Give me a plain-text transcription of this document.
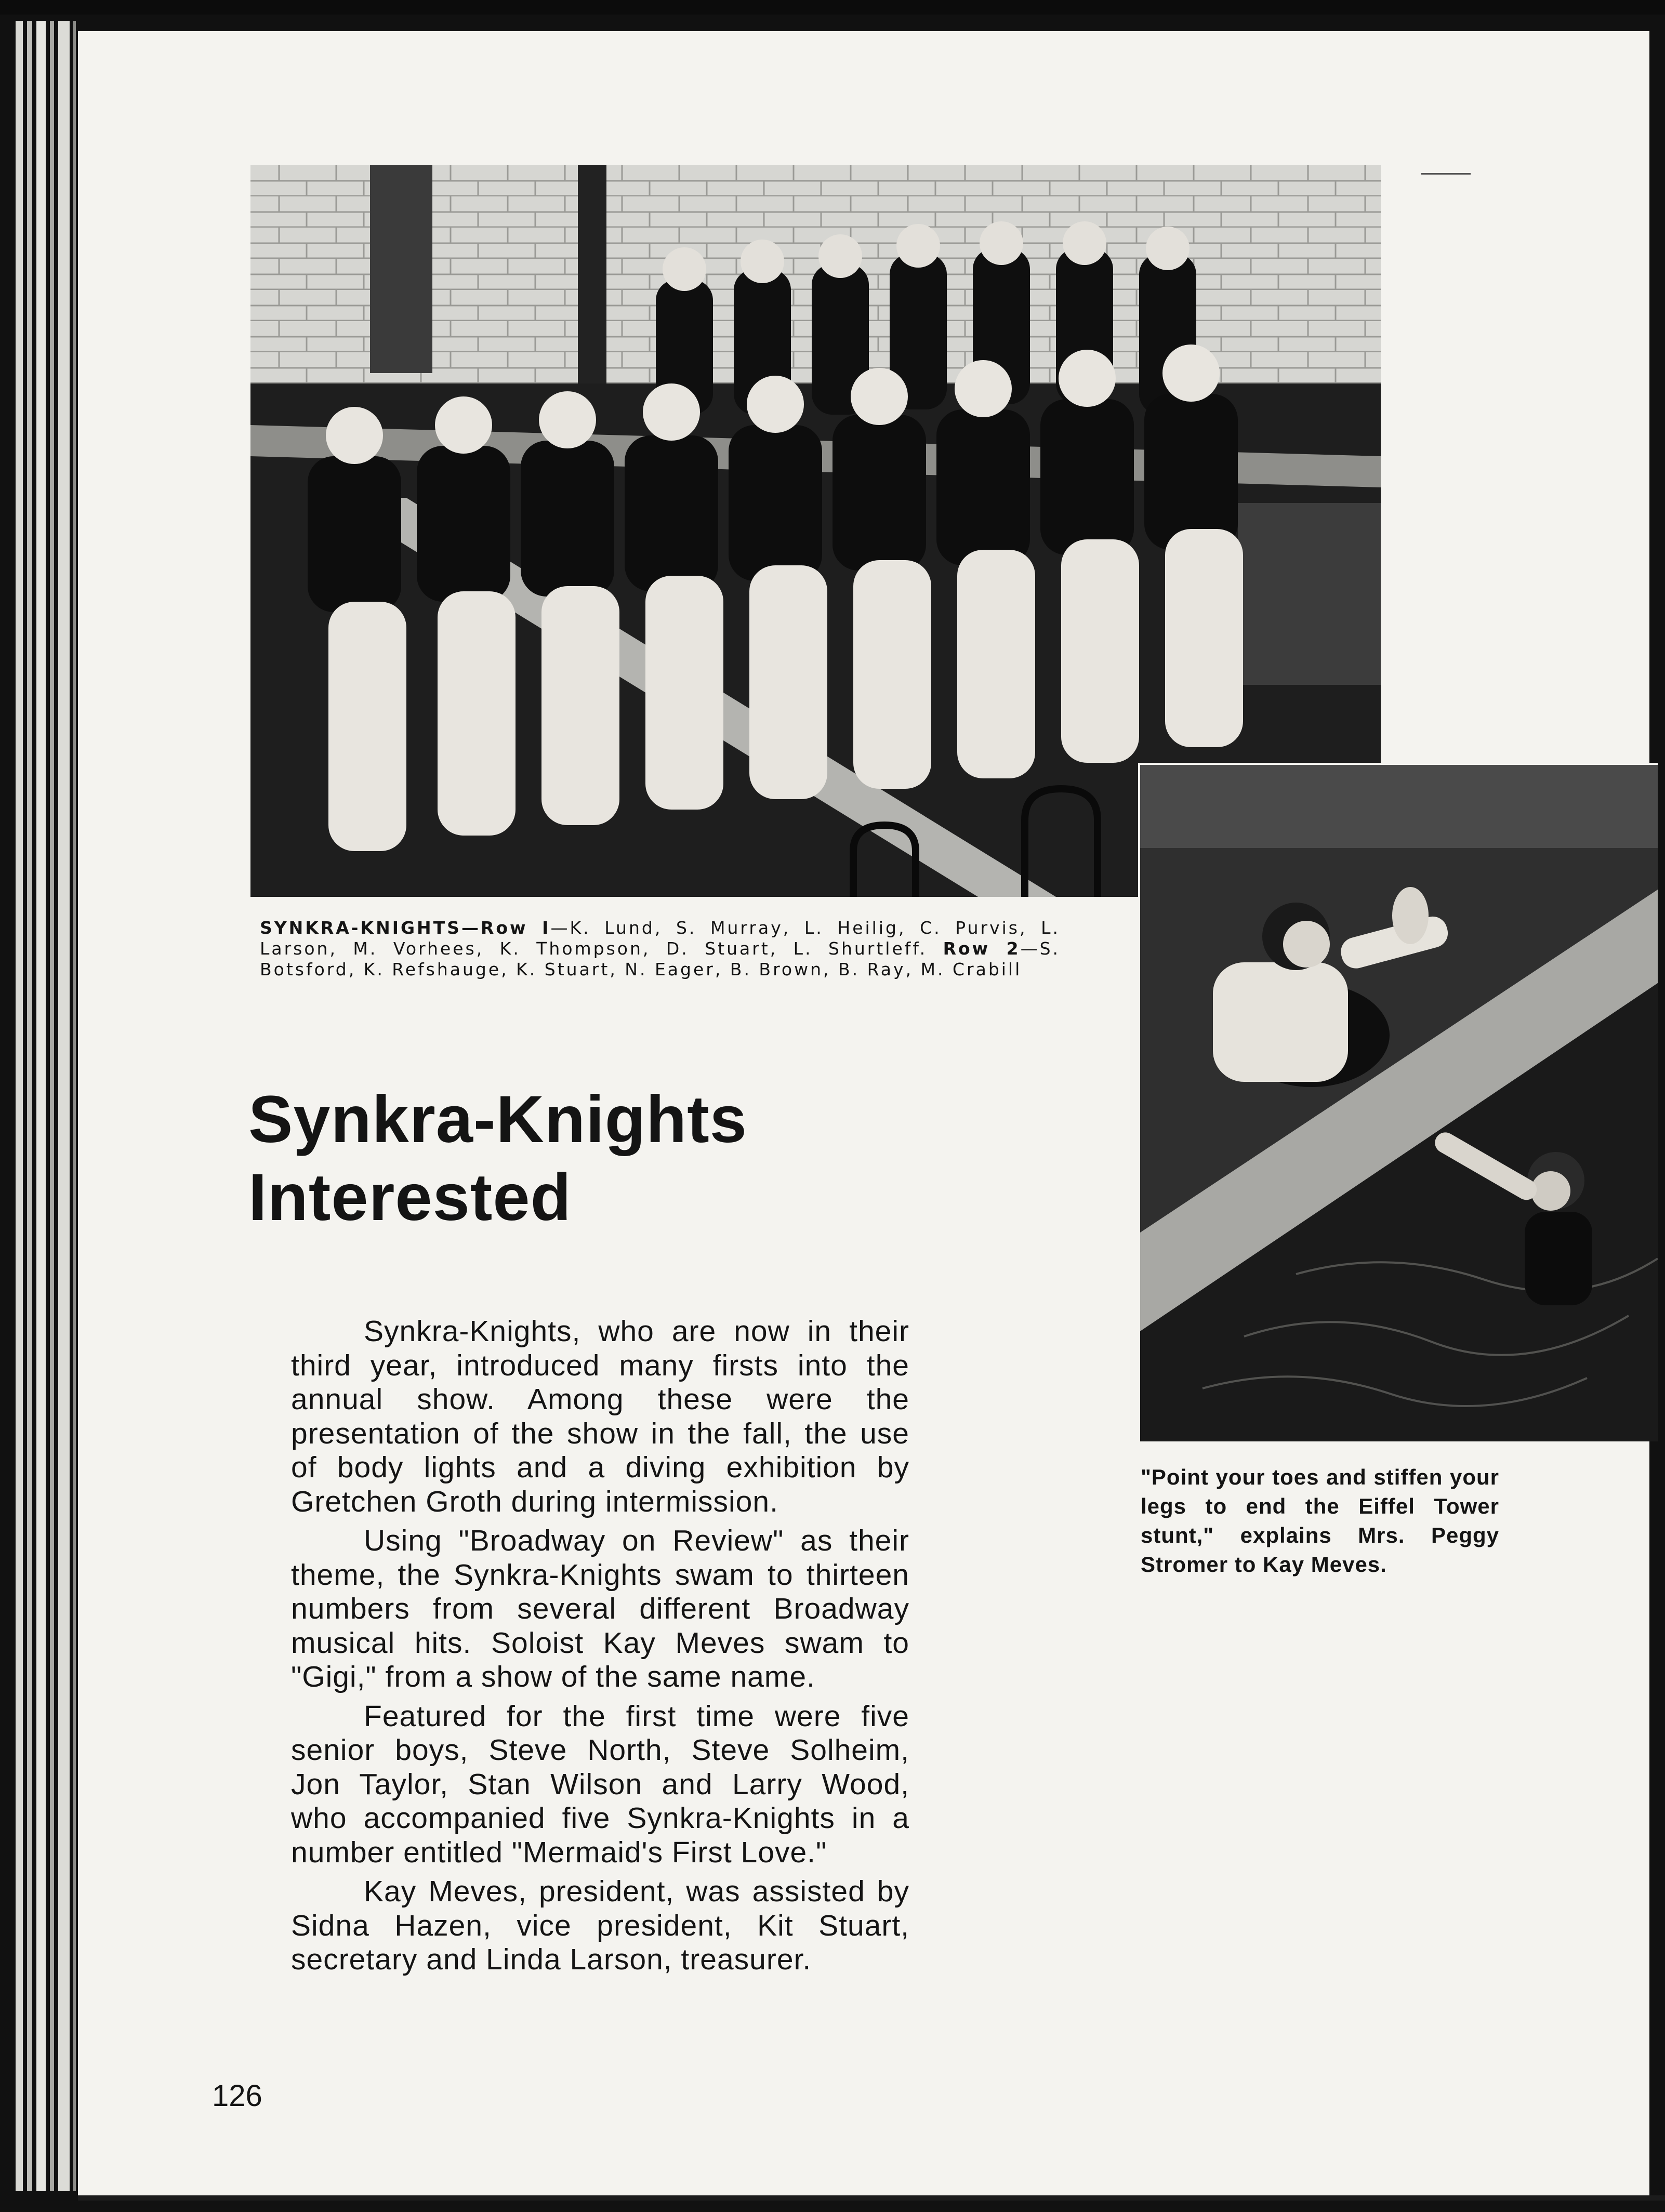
SYNKRA-KNIGHTS—Row I—K. Lund, S. Murray, L. Heilig, C. Purvis, L. Larson, M. Vorhees, K. Thompson, D. Stuart, L. Shurtleff. Row 2—S. Botsford, K. Refshauge, K. Stuart, N. Eager, B. Brown, B. Ray, M. Crabill
Synkra-Knights Interested

Synkra-Knights, who are now in their third year, introduced many firsts into the annual show. Among these were the presentation of the show in the fall, the use of body lights and a diving exhibition by Gretchen Groth during intermission.

Using "Broadway on Review" as their theme, the Synkra-Knights swam to thirteen numbers from several different Broadway musical hits. Soloist Kay Meves swam to "Gigi," from a show of the same name.

Featured for the first time were five senior boys, Steve North, Steve Solheim, Jon Taylor, Stan Wilson and Larry Wood, who accompanied five Synkra-Knights in a number entitled "Mermaid's First Love."

Kay Meves, president, was assisted by Sidna Hazen, vice president, Kit Stuart, secretary and Linda Larson, treasurer.

"Point your toes and stiffen your legs to end the Eiffel Tower stunt," explains Mrs. Peggy Stromer to Kay Meves.
126
